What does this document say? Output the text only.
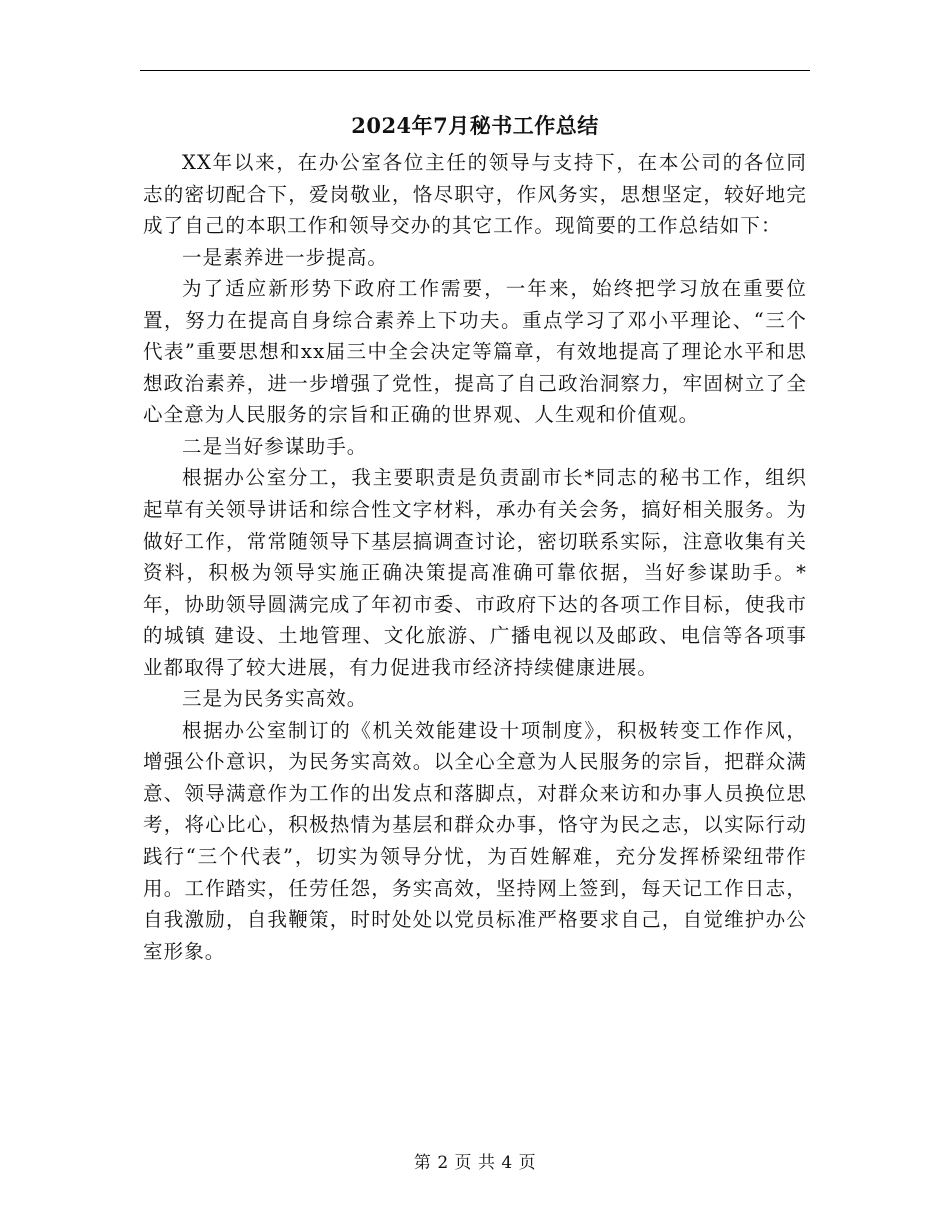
2024年7月秘书工作总结

XX年以来，在办公室各位主任的领导与支持下，在本公司的各位同志的密切配合下，爱岗敬业，恪尽职守，作风务实，思想坚定，较好地完成了自己的本职工作和领导交办的其它工作。现简要的工作总结如下：

一是素养进一步提高。

为了适应新形势下政府工作需要，一年来，始终把学习放在重要位置，努力在提高自身综合素养上下功夫。重点学习了邓小平理论、“三个代表”重要思想和xx届三中全会决定等篇章，有效地提高了理论水平和思想政治素养，进一步增强了党性，提高了自己政治洞察力，牢固树立了全心全意为人民服务的宗旨和正确的世界观、人生观和价值观。

二是当好参谋助手。

根据办公室分工，我主要职责是负责副市长*同志的秘书工作，组织起草有关领导讲话和综合性文字材料，承办有关会务，搞好相关服务。为做好工作，常常随领导下基层搞调查讨论，密切联系实际，注意收集有关资料，积极为领导实施正确决策提高准确可靠依据，当好参谋助手。*年，协助领导圆满完成了年初市委、市政府下达的各项工作目标，使我市的城镇 建设、土地管理、文化旅游、广播电视以及邮政、电信等各项事业都取得了较大进展，有力促进我市经济持续健康进展。

三是为民务实高效。

根据办公室制订的《机关效能建设十项制度》，积极转变工作作风，增强公仆意识，为民务实高效。以全心全意为人民服务的宗旨，把群众满意、领导满意作为工作的出发点和落脚点，对群众来访和办事人员换位思考，将心比心，积极热情为基层和群众办事，恪守为民之志，以实际行动践行“三个代表”，切实为领导分忧，为百姓解难，充分发挥桥梁纽带作用。工作踏实，任劳任怨，务实高效，坚持网上签到，每天记工作日志，自我激励，自我鞭策，时时处处以党员标准严格要求自己，自觉维护办公室形象。

第 2 页 共 4 页
